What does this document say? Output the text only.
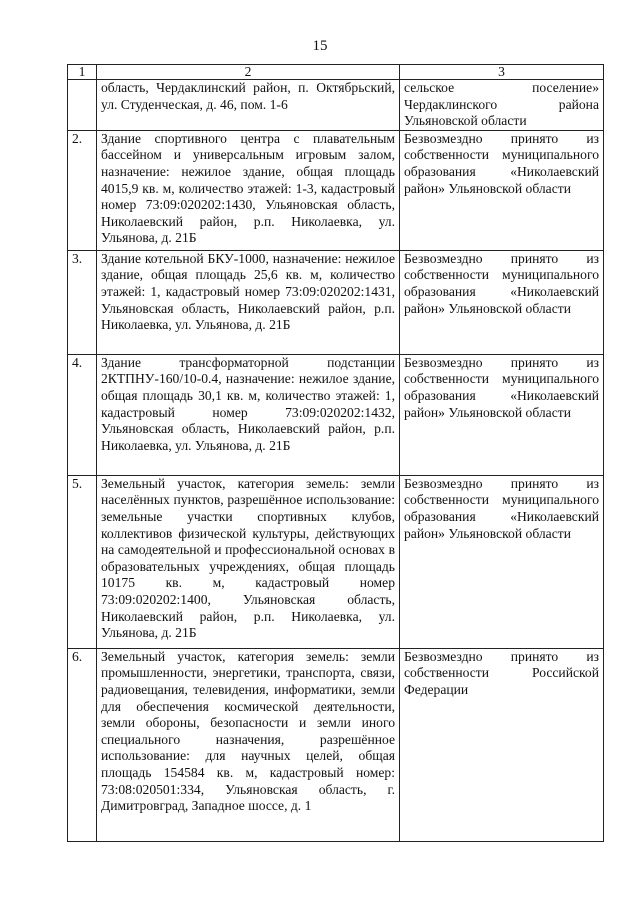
15
1	2	3
	область, Чердаклинский район, п. Октябрьский, ул. Студенческая, д. 46, пом. 1-6	сельское поселение» Чердаклинского района Ульяновской области
2.	Здание спортивного центра с плавательным бассейном и универсальным игровым залом, назначение: нежилое здание, общая площадь 4015,9 кв. м, количество этажей: 1-3, кадастровый номер 73:09:020202:1430, Ульяновская область, Николаевский район, р.п. Николаевка, ул. Ульянова, д. 21Б	Безвозмездно принято из собственности муниципального образования «Николаевский район» Ульяновской области
3.	Здание котельной БКУ-1000, назначение: нежилое здание, общая площадь 25,6 кв. м, количество этажей: 1, кадастровый номер 73:09:020202:1431, Ульяновская область, Николаевский район, р.п. Николаевка, ул. Ульянова, д. 21Б	Безвозмездно принято из собственности муниципального образования «Николаевский район» Ульяновской области
4.	Здание трансформаторной подстанции 2КТПНУ-160/10-0.4, назначение: нежилое здание, общая площадь 30,1 кв. м, количество этажей: 1, кадастровый номер 73:09:020202:1432, Ульяновская область, Николаевский район, р.п. Николаевка, ул. Ульянова, д. 21Б	Безвозмездно принято из собственности муниципального образования «Николаевский район» Ульяновской области
5.	Земельный участок, категория земель: земли населённых пунктов, разрешённое использование: земельные участки спортивных клубов, коллективов физической культуры, действующих на самодеятельной и профессиональной основах в образовательных учреждениях, общая площадь 10175 кв. м, кадастровый номер 73:09:020202:1400, Ульяновская область, Николаевский район, р.п. Николаевка, ул. Ульянова, д. 21Б	Безвозмездно принято из собственности муниципального образования «Николаевский район» Ульяновской области
6.	Земельный участок, категория земель: земли промышленности, энергетики, транспорта, связи, радиовещания, телевидения, информатики, земли для обеспечения космической деятельности, земли обороны, безопасности и земли иного специального назначения, разрешённое использование: для научных целей, общая площадь 154584 кв. м, кадастровый номер: 73:08:020501:334, Ульяновская область, г. Димитровград, Западное шоссе, д. 1	Безвозмездно принято из собственности Российской Федерации
